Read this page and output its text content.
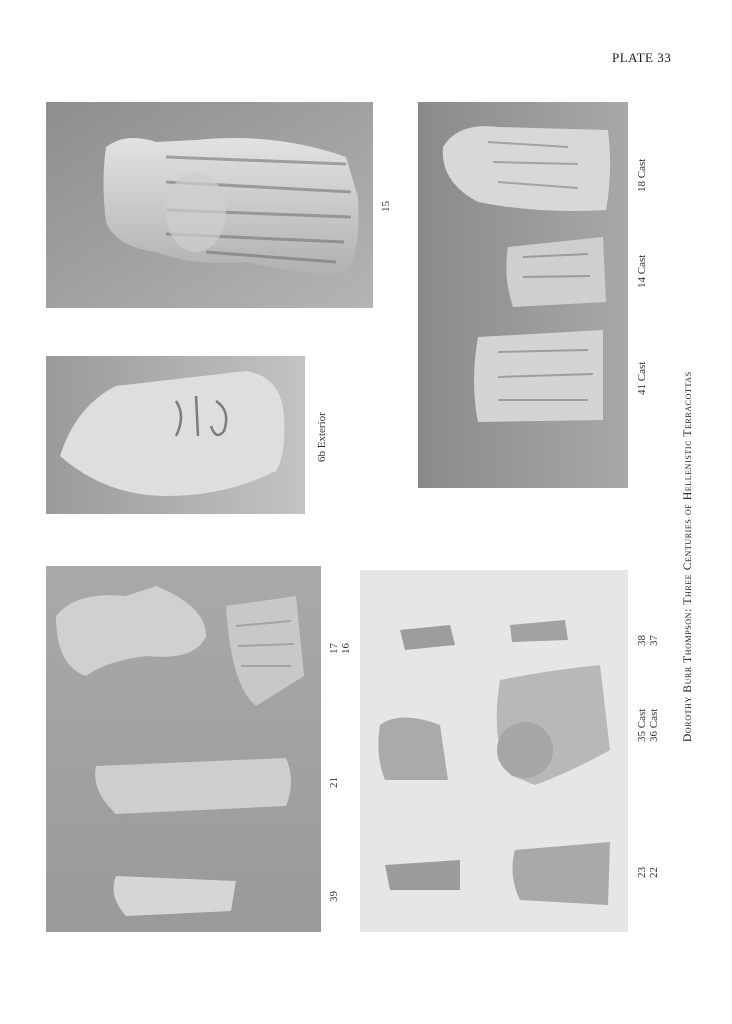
PLATE 33
15
6b Exterior
41 Cast
14 Cast
18 Cast
39
21
17 16
23 22
35 Cast 36 Cast
38 37 Dorothy Burr Thompson: Three Centuries of Hellenistic Terracottas
